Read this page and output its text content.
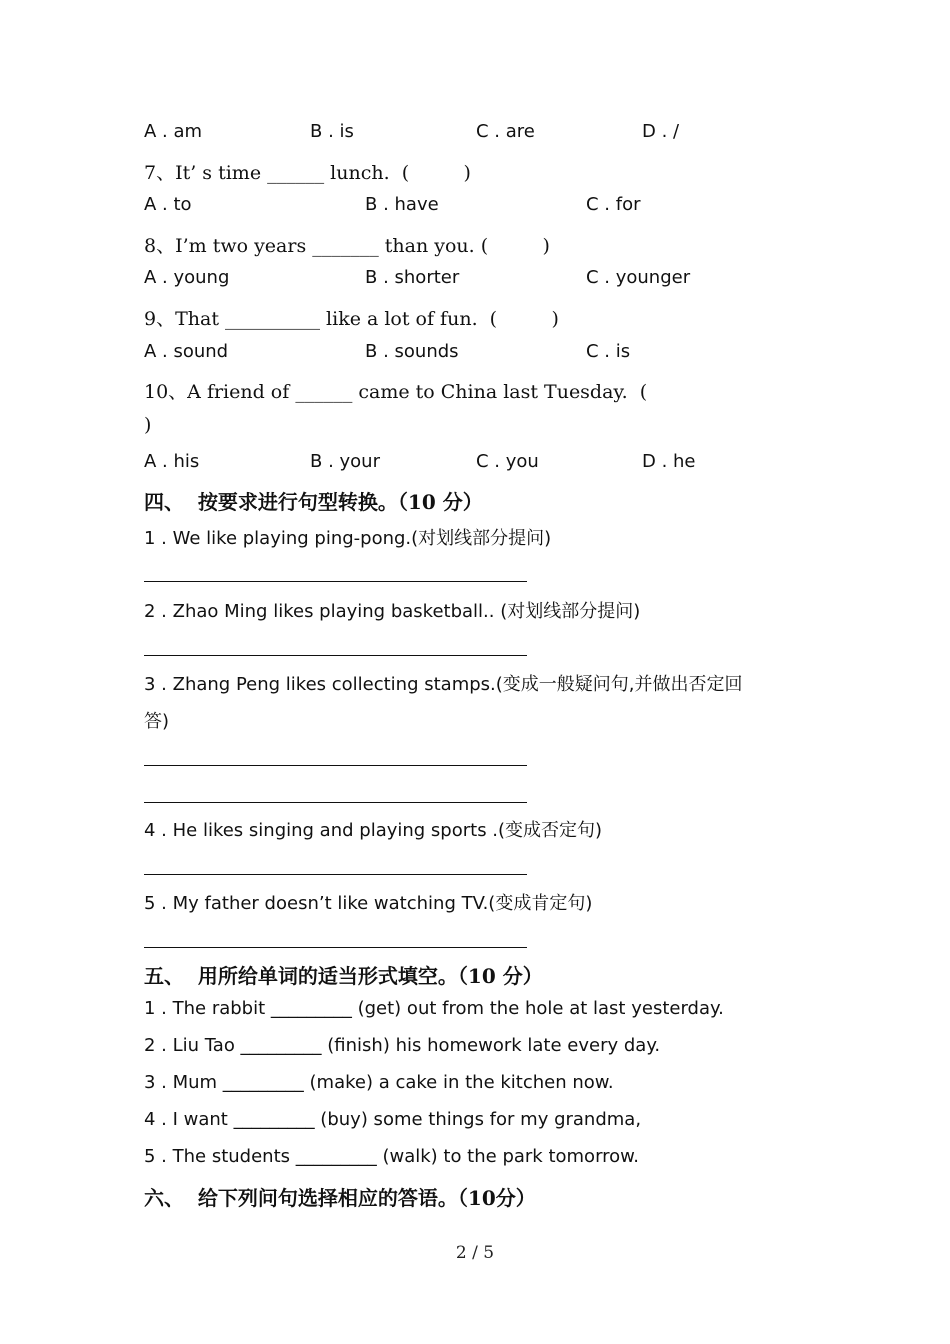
A . am	B . is	C . are	D . /
7、It’ s time ______ lunch.  (         )
A . to	B . have	C . for
8、I’m two years _______ than you. (         )
A . young	B . shorter	C . younger
9、That __________ like a lot of fun.  (         )
A . sound	B . sounds	C . is
10、A friend of ______ came to China last Tuesday.  (
)
A . his	B . your	C . you	D . he
四、  按要求进行句型转换。（10 分）
1 . We like playing ping-pong.(对划线部分提问)
2 . Zhao Ming likes playing basketball.. (对划线部分提问)
3 . Zhang Peng likes collecting stamps.(变成一般疑问句,并做出否定回
答)
4 . He likes singing and playing sports .(变成否定句)
5 . My father doesn’t like watching TV.(变成肯定句)
五、  用所给单词的适当形式填空。（10 分）
1 . The rabbit _________ (get) out from the hole at last yesterday.
2 . Liu Tao _________ (finish) his homework late every day.
3 . Mum _________ (make) a cake in the kitchen now.
4 . I want _________ (buy) some things for my grandma,
5 . The students _________ (walk) to the park tomorrow.
六、  给下列问句选择相应的答语。（10分）
2 / 5
